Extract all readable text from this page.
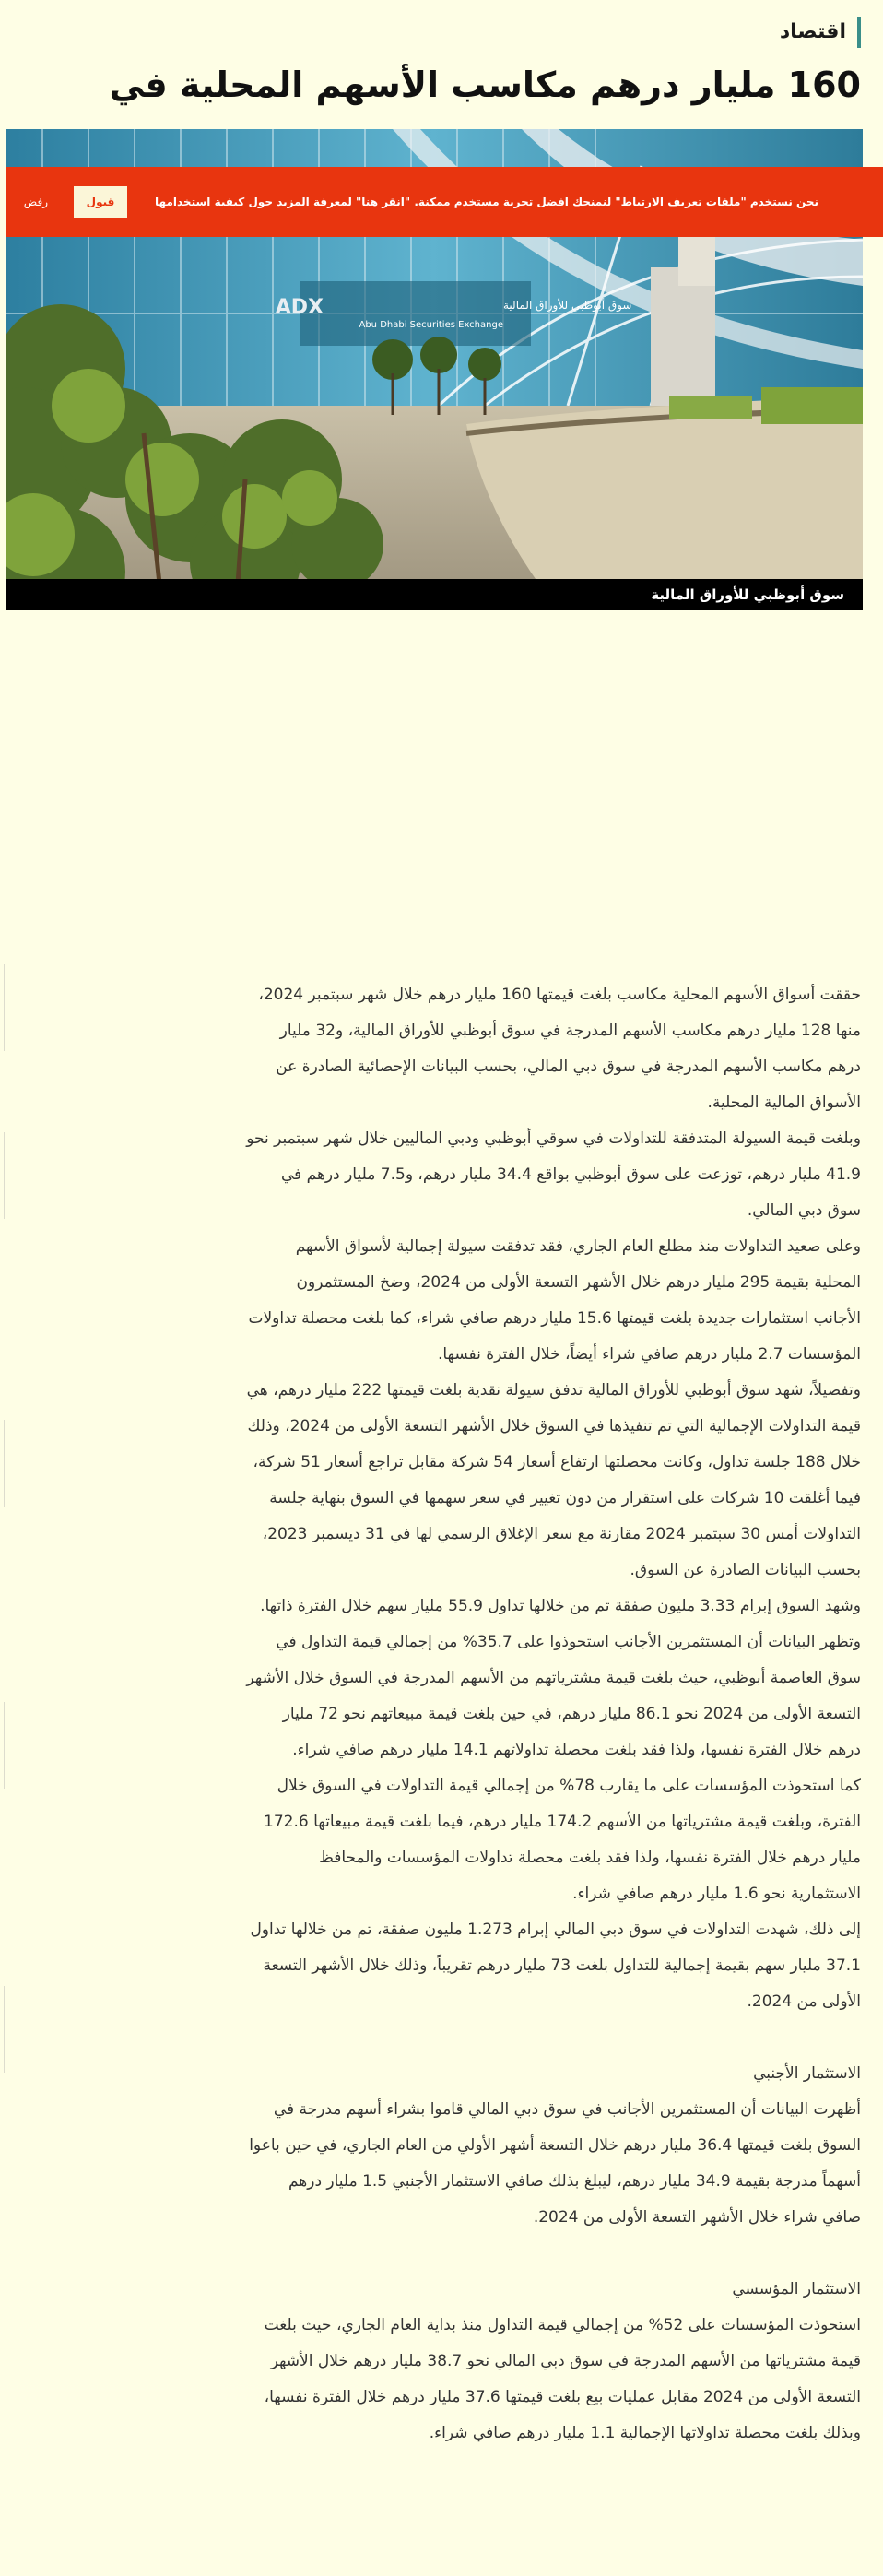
اقتصاد
160 مليار درهم مكاسب الأسهم المحلية في
ADX	سوق أبوظبي للأوراق المالية
Abu Dhabi Securities Exchange
سوق أبوظبي للأوراق المالية
نحن نستخدم "ملفات تعريف الارتباط" لنمنحك افضل تجربة مستخدم ممكنة. "انقر هنا" لمعرفة المزيد حول كيفية استخدامها
قبول
رفض

حققت أسواق الأسهم المحلية مكاسب بلغت قيمتها 160 مليار درهم خلال شهر سبتمبر 2024، منها 128 مليار درهم مكاسب الأسهم المدرجة في سوق أبوظبي للأوراق المالية، و32 مليار درهم مكاسب الأسهم المدرجة في سوق دبي المالي، بحسب البيانات الإحصائية الصادرة عن الأسواق المالية المحلية.

وبلغت قيمة السيولة المتدفقة للتداولات في سوقي أبوظبي ودبي الماليين خلال شهر سبتمبر نحو 41.9 مليار درهم، توزعت على سوق أبوظبي بواقع 34.4 مليار درهم، و7.5 مليار درهم في سوق دبي المالي.

وعلى صعيد التداولات منذ مطلع العام الجاري، فقد تدفقت سيولة إجمالية لأسواق الأسهم المحلية بقيمة 295 مليار درهم خلال الأشهر التسعة الأولى من 2024، وضخ المستثمرون الأجانب استثمارات جديدة بلغت قيمتها 15.6 مليار درهم صافي شراء، كما بلغت محصلة تداولات المؤسسات 2.7 مليار درهم صافي شراء أيضاً، خلال الفترة نفسها.

وتفصيلاً، شهد سوق أبوظبي للأوراق المالية تدفق سيولة نقدية بلغت قيمتها 222 مليار درهم، هي قيمة التداولات الإجمالية التي تم تنفيذها في السوق خلال الأشهر التسعة الأولى من 2024، وذلك خلال 188 جلسة تداول، وكانت محصلتها ارتفاع أسعار 54 شركة مقابل تراجع أسعار 51 شركة، فيما أغلقت 10 شركات على استقرار من دون تغيير في سعر سهمها في السوق بنهاية جلسة التداولات أمس 30 سبتمبر 2024 مقارنة مع سعر الإغلاق الرسمي لها في 31 ديسمبر 2023، بحسب البيانات الصادرة عن السوق.

وشهد السوق إبرام 3.33 مليون صفقة تم من خلالها تداول 55.9 مليار سهم خلال الفترة ذاتها.

وتظهر البيانات أن المستثمرين الأجانب استحوذوا على 35.7% من إجمالي قيمة التداول في سوق العاصمة أبوظبي، حيث بلغت قيمة مشترياتهم من الأسهم المدرجة في السوق خلال الأشهر التسعة الأولى من 2024 نحو 86.1 مليار درهم، في حين بلغت قيمة مبيعاتهم نحو 72 مليار درهم خلال الفترة نفسها، ولذا فقد بلغت محصلة تداولاتهم 14.1 مليار درهم صافي شراء.

كما استحوذت المؤسسات على ما يقارب 78% من إجمالي قيمة التداولات في السوق خلال الفترة، وبلغت قيمة مشترياتها من الأسهم 174.2 مليار درهم، فيما بلغت قيمة مبيعاتها 172.6 مليار درهم خلال الفترة نفسها، ولذا فقد بلغت محصلة تداولات المؤسسات والمحافظ الاستثمارية نحو 1.6 مليار درهم صافي شراء.

إلى ذلك، شهدت التداولات في سوق دبي المالي إبرام 1.273 مليون صفقة، تم من خلالها تداول 37.1 مليار سهم بقيمة إجمالية للتداول بلغت 73 مليار درهم تقريباً، وذلك خلال الأشهر التسعة الأولى من 2024.

الاستثمار الأجنبي

أظهرت البيانات أن المستثمرين الأجانب في سوق دبي المالي قاموا بشراء أسهم مدرجة في السوق بلغت قيمتها 36.4 مليار درهم خلال التسعة أشهر الأولي من العام الجاري، في حين باعوا أسهماً مدرجة بقيمة 34.9 مليار درهم، ليبلغ بذلك صافي الاستثمار الأجنبي 1.5 مليار درهم صافي شراء خلال الأشهر التسعة الأولى من 2024.

الاستثمار المؤسسي

استحوذت المؤسسات على 52% من إجمالي قيمة التداول منذ بداية العام الجاري، حيث بلغت قيمة مشترياتها من الأسهم المدرجة في سوق دبي المالي نحو 38.7 مليار درهم خلال الأشهر التسعة الأولى من 2024 مقابل عمليات بيع بلغت قيمتها 37.6 مليار درهم خلال الفترة نفسها، وبذلك بلغت محصلة تداولاتها الإجمالية 1.1 مليار درهم صافي شراء.
